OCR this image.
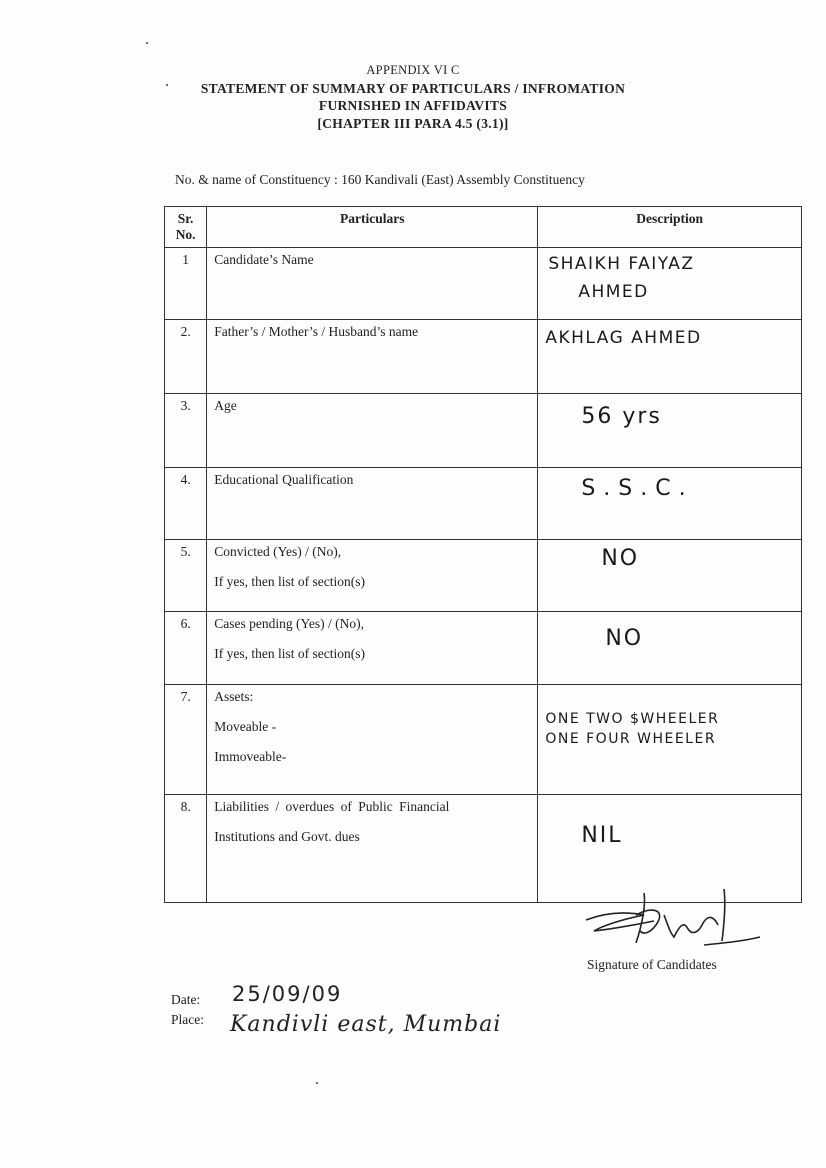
APPENDIX VI C
STATEMENT OF SUMMARY OF PARTICULARS / INFROMATION
FURNISHED IN AFFIDAVITS
[CHAPTER III PARA 4.5 (3.1)]
No. & name of Constituency : 160 Kandivali (East) Assembly Constituency
Sr. No.	Particulars	Description
1	Candidate’s Name	SHAIKH FAIYAZ
AHMED

2.	Father’s / Mother’s / Husband’s name	AKHLAG AHMED

3.	Age	56 yrs

4.	Educational Qualification	S.S.C.

5.	Convicted (Yes) / (No),
If yes, then list of section(s)	NO

6.	Cases pending (Yes) / (No),
If yes, then list of section(s)	NO

7.	Assets:
Moveable -
Immoveable-	ONE TWO $WHEELER
ONE FOUR WHEELER

8.	Liabilities / overdues of Public Financial
Institutions and Govt. dues	NIL
Signature of Candidates
Date:
Place:
25/09/09
Kandivli east, Mumbai
